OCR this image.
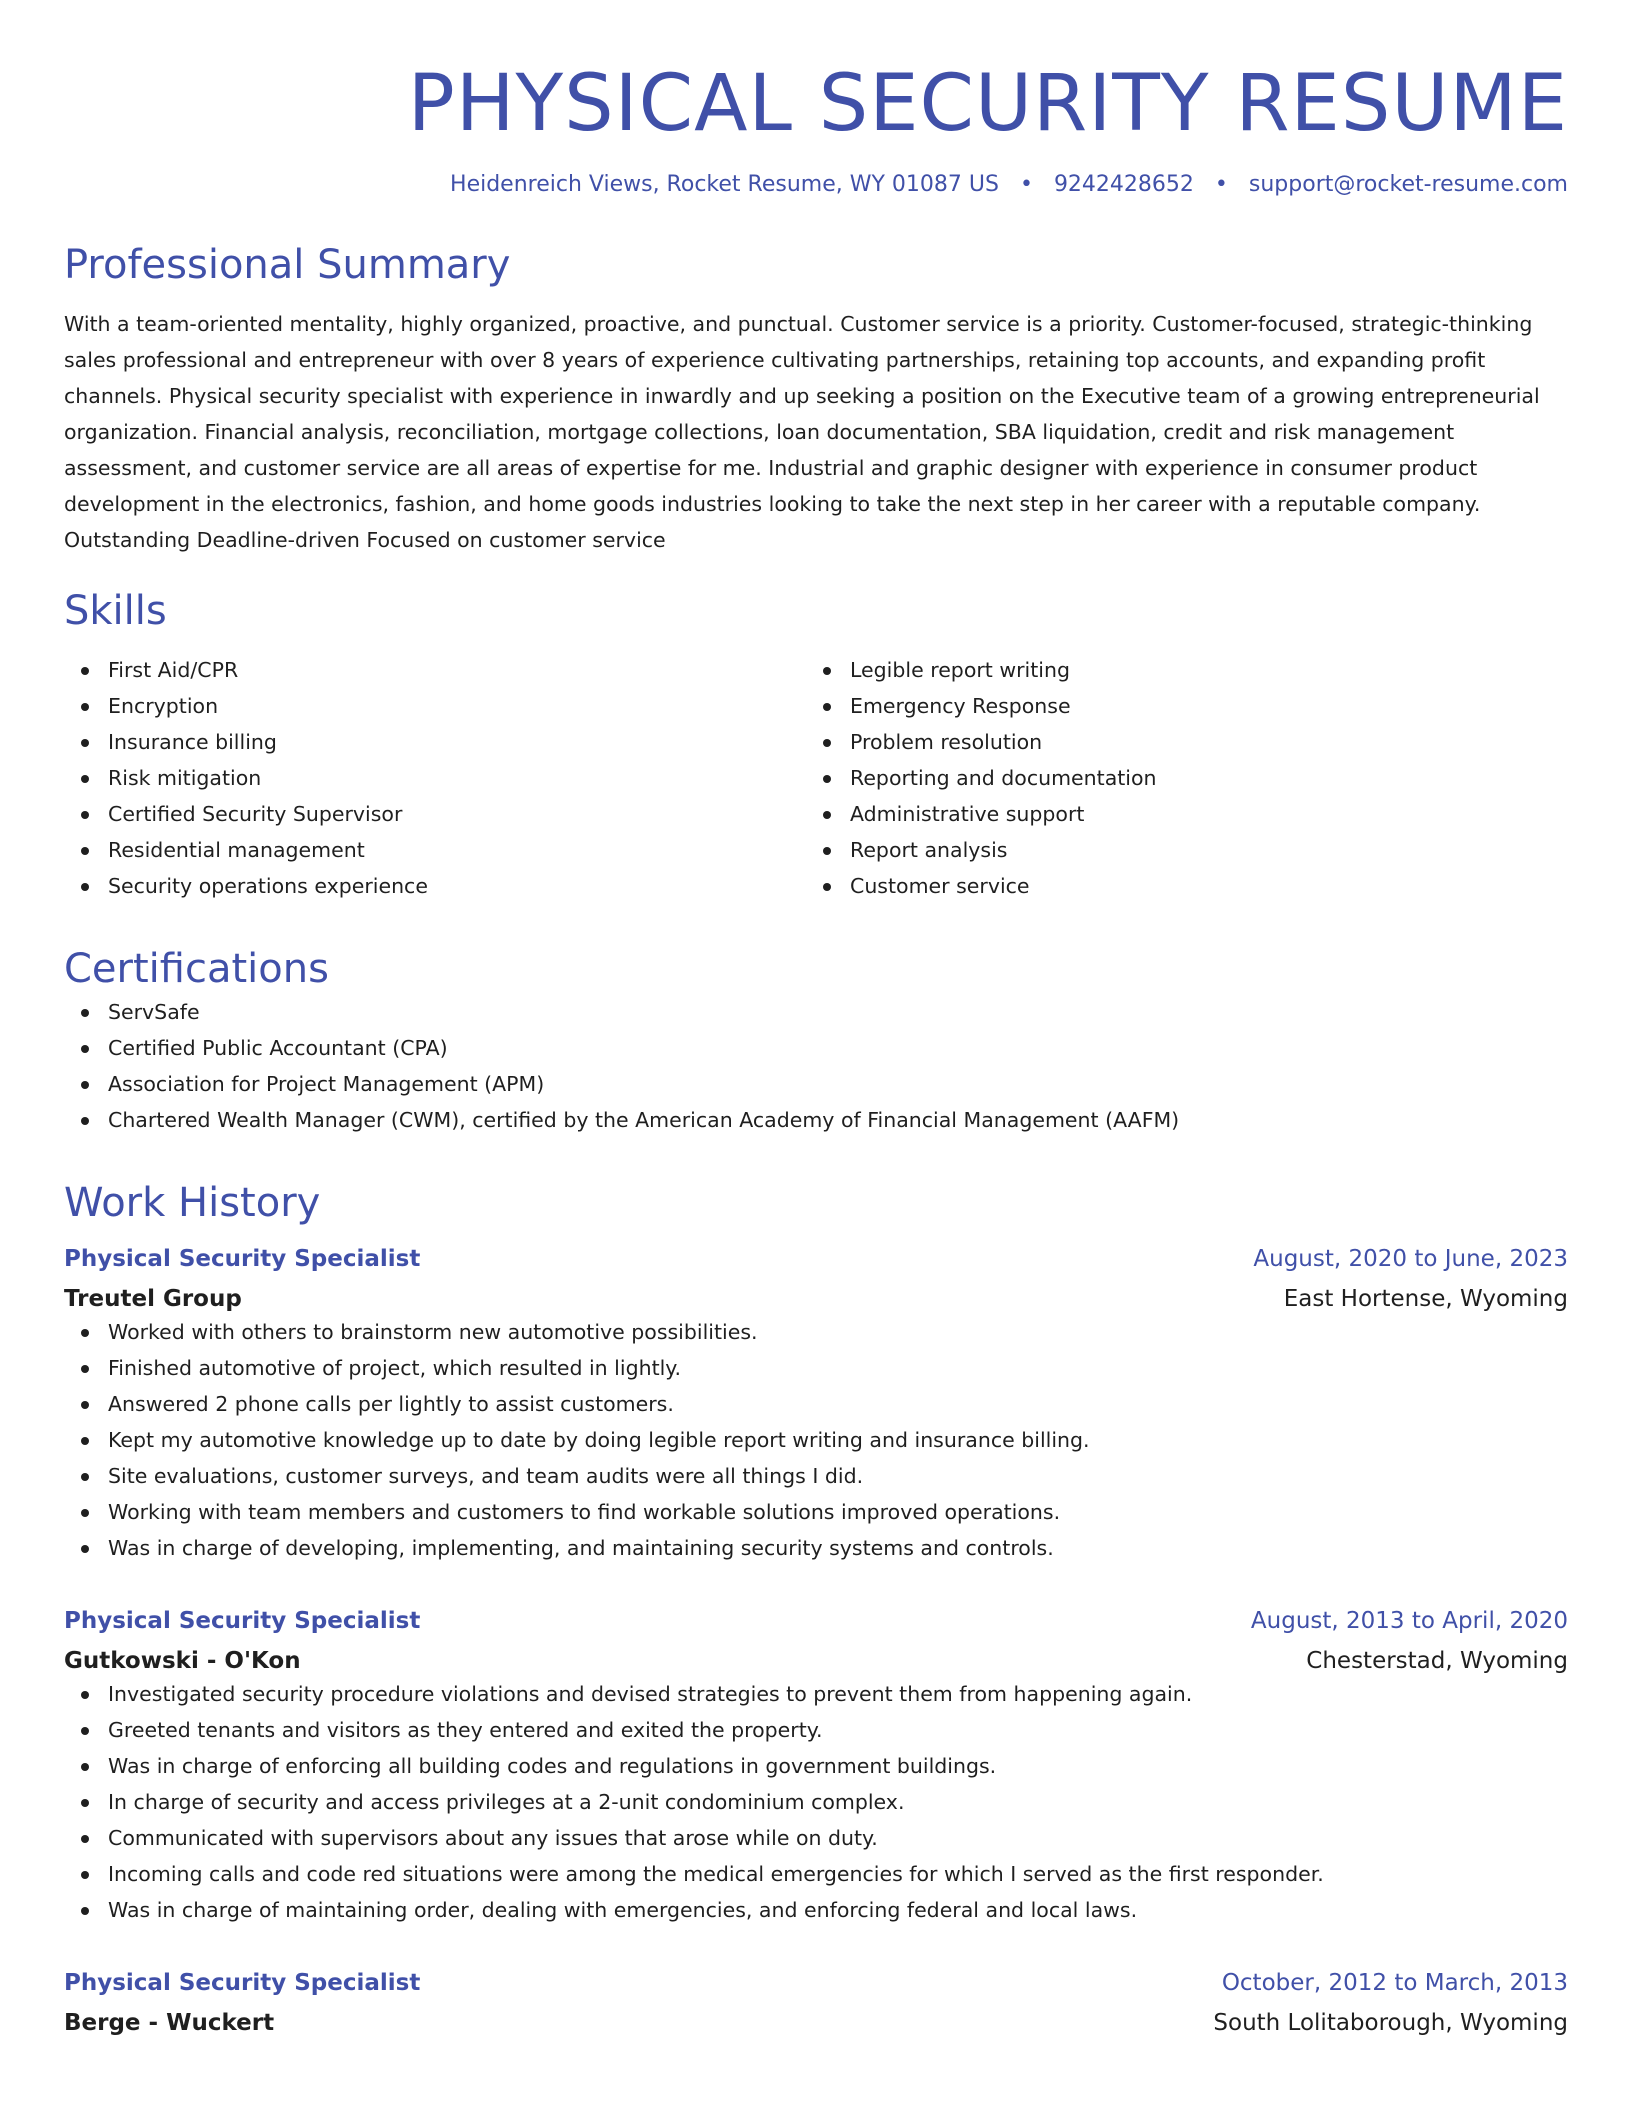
PHYSICAL SECURITY RESUME
Heidenreich Views, Rocket Resume, WY 01087 US • 9242428652 • support@rocket-resume.com
Professional Summary
With a team-oriented mentality, highly organized, proactive, and punctual. Customer service is a priority. Customer-focused, strategic-thinking sales professional and entrepreneur with over 8 years of experience cultivating partnerships, retaining top accounts, and expanding profit channels. Physical security specialist with experience in inwardly and up seeking a position on the Executive team of a growing entrepreneurial organization. Financial analysis, reconciliation, mortgage collections, loan documentation, SBA liquidation, credit and risk management assessment, and customer service are all areas of expertise for me. Industrial and graphic designer with experience in consumer product development in the electronics, fashion, and home goods industries looking to take the next step in her career with a reputable company. Outstanding Deadline-driven Focused on customer service
Skills
First Aid/CPR
Encryption
Insurance billing
Risk mitigation
Certified Security Supervisor
Residential management
Security operations experience
Legible report writing
Emergency Response
Problem resolution
Reporting and documentation
Administrative support
Report analysis
Customer service
Certifications
ServSafe
Certified Public Accountant (CPA)
Association for Project Management (APM)
Chartered Wealth Manager (CWM), certified by the American Academy of Financial Management (AAFM)
Work History
Physical Security Specialist	August, 2020 to June, 2023
Treutel Group	East Hortense, Wyoming
Worked with others to brainstorm new automotive possibilities.
Finished automotive of project, which resulted in lightly.
Answered 2 phone calls per lightly to assist customers.
Kept my automotive knowledge up to date by doing legible report writing and insurance billing.
Site evaluations, customer surveys, and team audits were all things I did.
Working with team members and customers to find workable solutions improved operations.
Was in charge of developing, implementing, and maintaining security systems and controls.
Physical Security Specialist	August, 2013 to April, 2020
Gutkowski - O'Kon	Chesterstad, Wyoming
Investigated security procedure violations and devised strategies to prevent them from happening again.
Greeted tenants and visitors as they entered and exited the property.
Was in charge of enforcing all building codes and regulations in government buildings.
In charge of security and access privileges at a 2-unit condominium complex.
Communicated with supervisors about any issues that arose while on duty.
Incoming calls and code red situations were among the medical emergencies for which I served as the first responder.
Was in charge of maintaining order, dealing with emergencies, and enforcing federal and local laws.
Physical Security Specialist	October, 2012 to March, 2013
Berge - Wuckert	South Lolitaborough, Wyoming
